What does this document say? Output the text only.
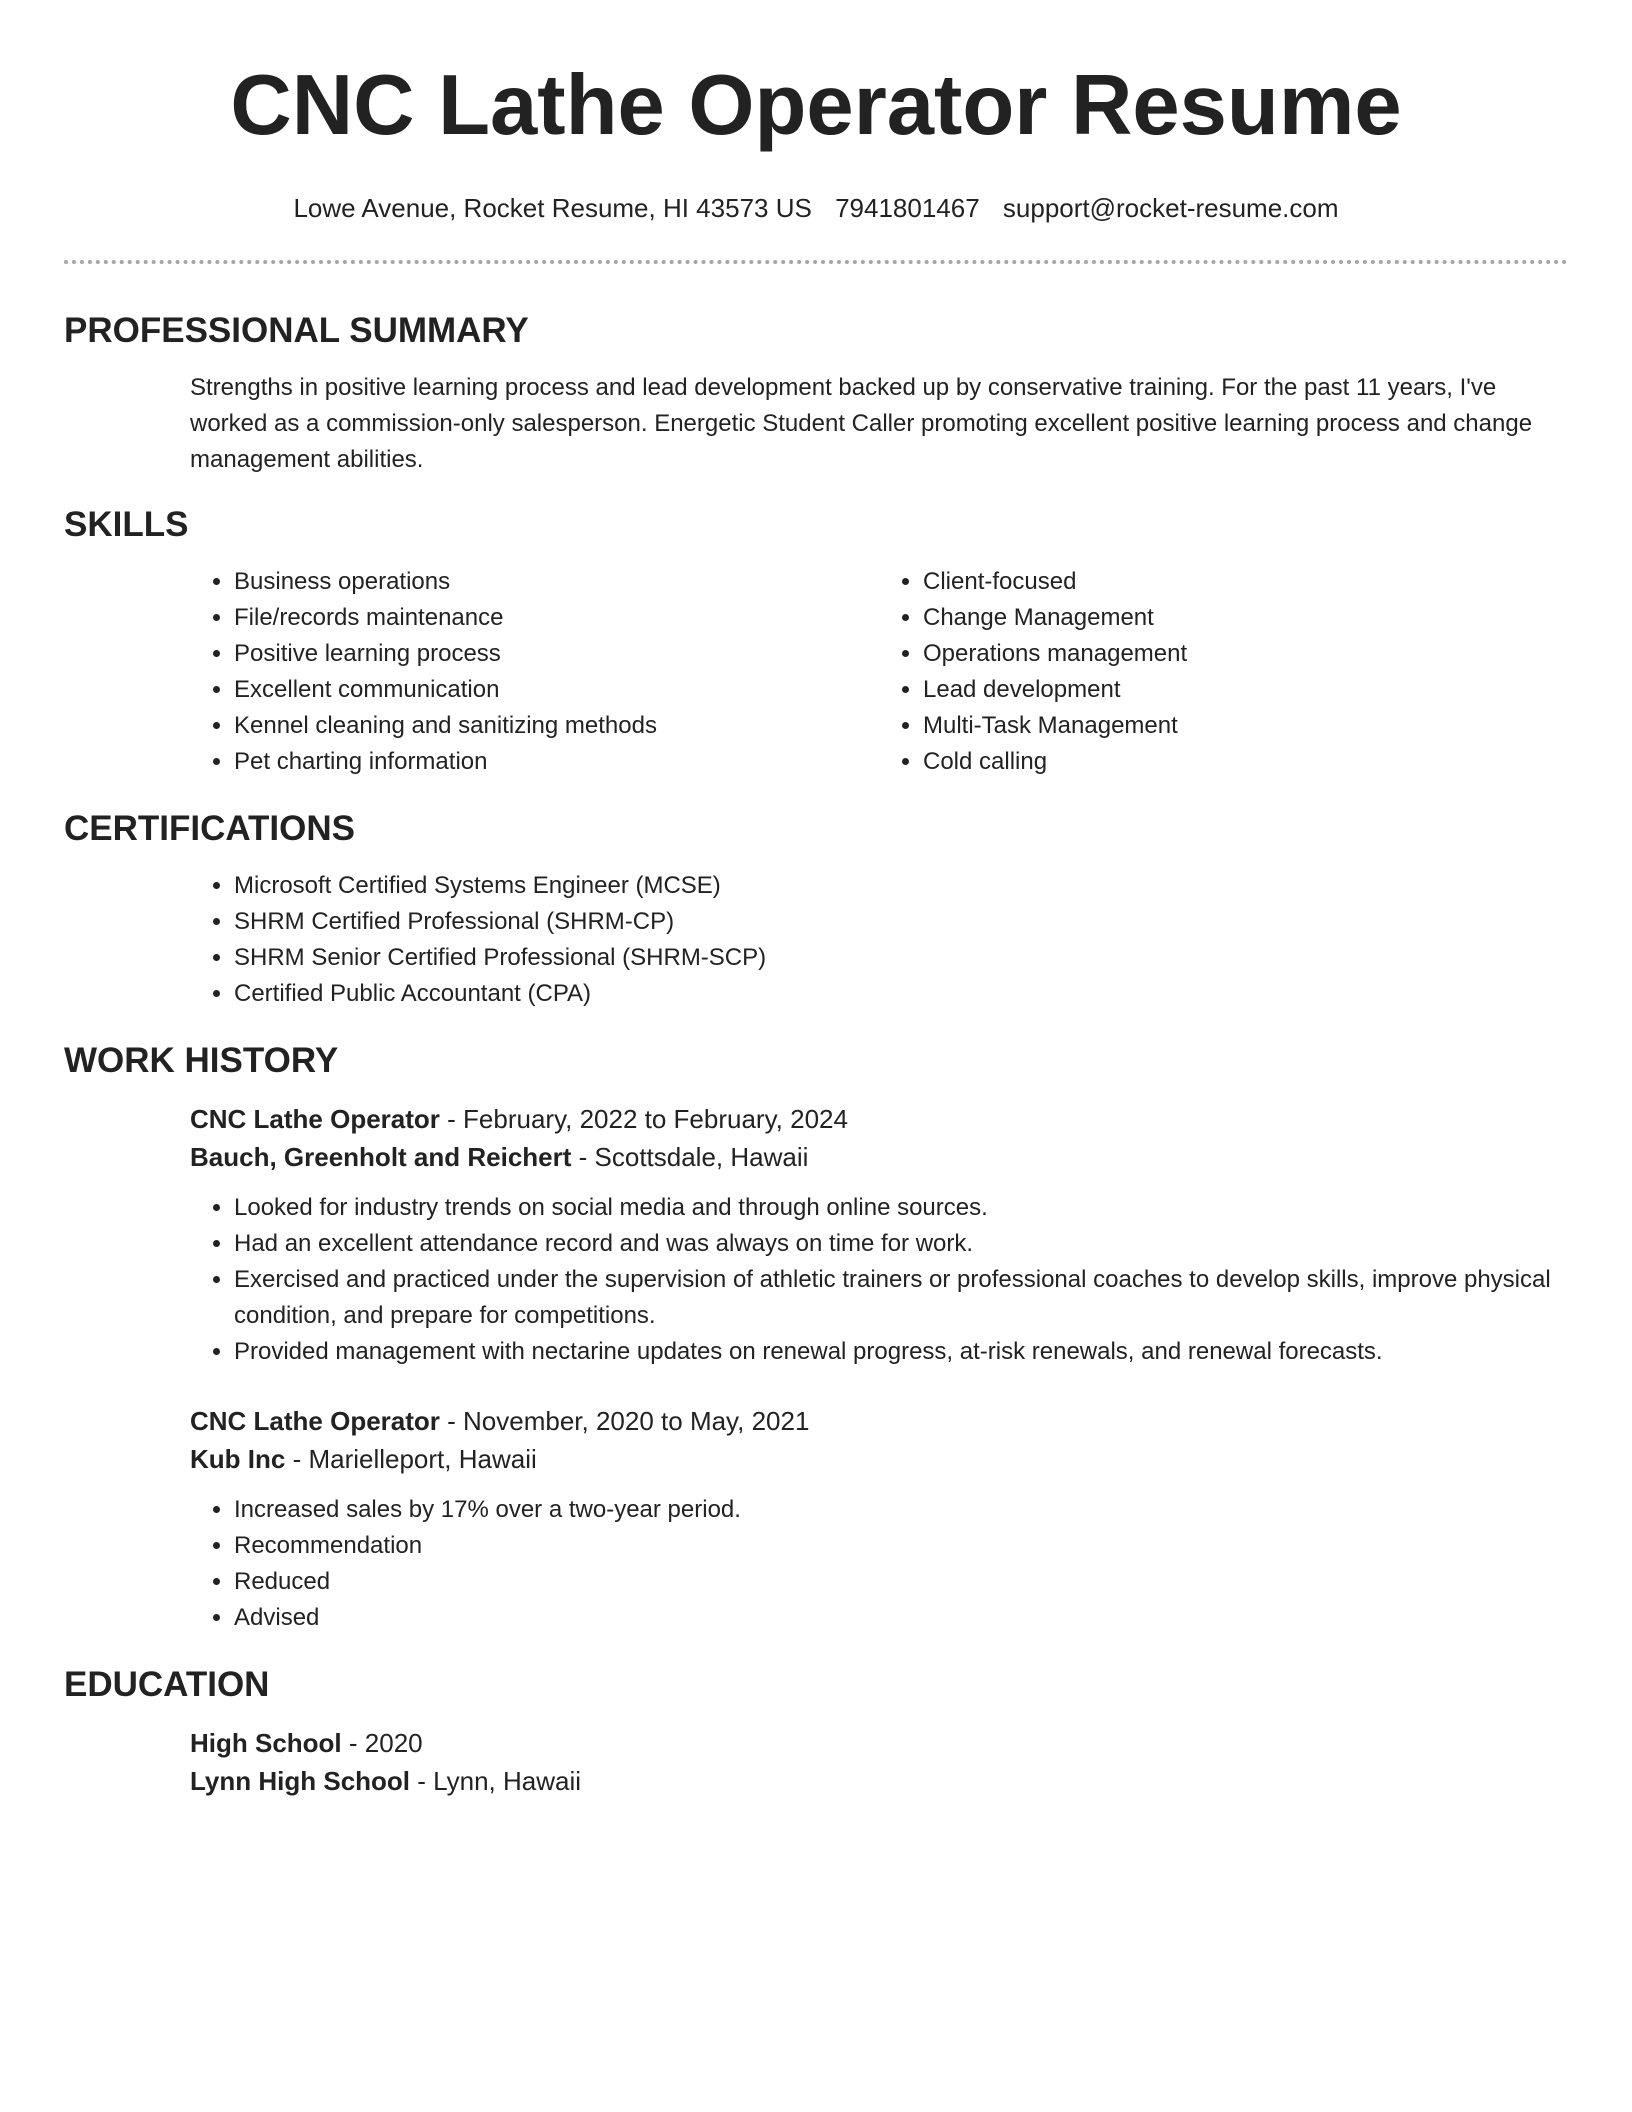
CNC Lathe Operator Resume
Lowe Avenue, Rocket Resume, HI 43573 US 7941801467 support@rocket-resume.com
PROFESSIONAL SUMMARY
Strengths in positive learning process and lead development backed up by conservative training. For the past 11 years, I've worked as a commission-only salesperson. Energetic Student Caller promoting excellent positive learning process and change management abilities.
SKILLS
• Business operations
• File/records maintenance
• Positive learning process
• Excellent communication
• Kennel cleaning and sanitizing methods
• Pet charting information
• Client-focused
• Change Management
• Operations management
• Lead development
• Multi-Task Management
• Cold calling
CERTIFICATIONS
• Microsoft Certified Systems Engineer (MCSE)
• SHRM Certified Professional (SHRM-CP)
• SHRM Senior Certified Professional (SHRM-SCP)
• Certified Public Accountant (CPA)
WORK HISTORY
CNC Lathe Operator - February, 2022 to February, 2024
Bauch, Greenholt and Reichert - Scottsdale, Hawaii
• Looked for industry trends on social media and through online sources.
• Had an excellent attendance record and was always on time for work.
• Exercised and practiced under the supervision of athletic trainers or professional coaches to develop skills, improve physical condition, and prepare for competitions.
• Provided management with nectarine updates on renewal progress, at-risk renewals, and renewal forecasts.
CNC Lathe Operator - November, 2020 to May, 2021
Kub Inc - Marielleport, Hawaii
• Increased sales by 17% over a two-year period.
• Recommendation
• Reduced
• Advised
EDUCATION
High School - 2020
Lynn High School - Lynn, Hawaii
